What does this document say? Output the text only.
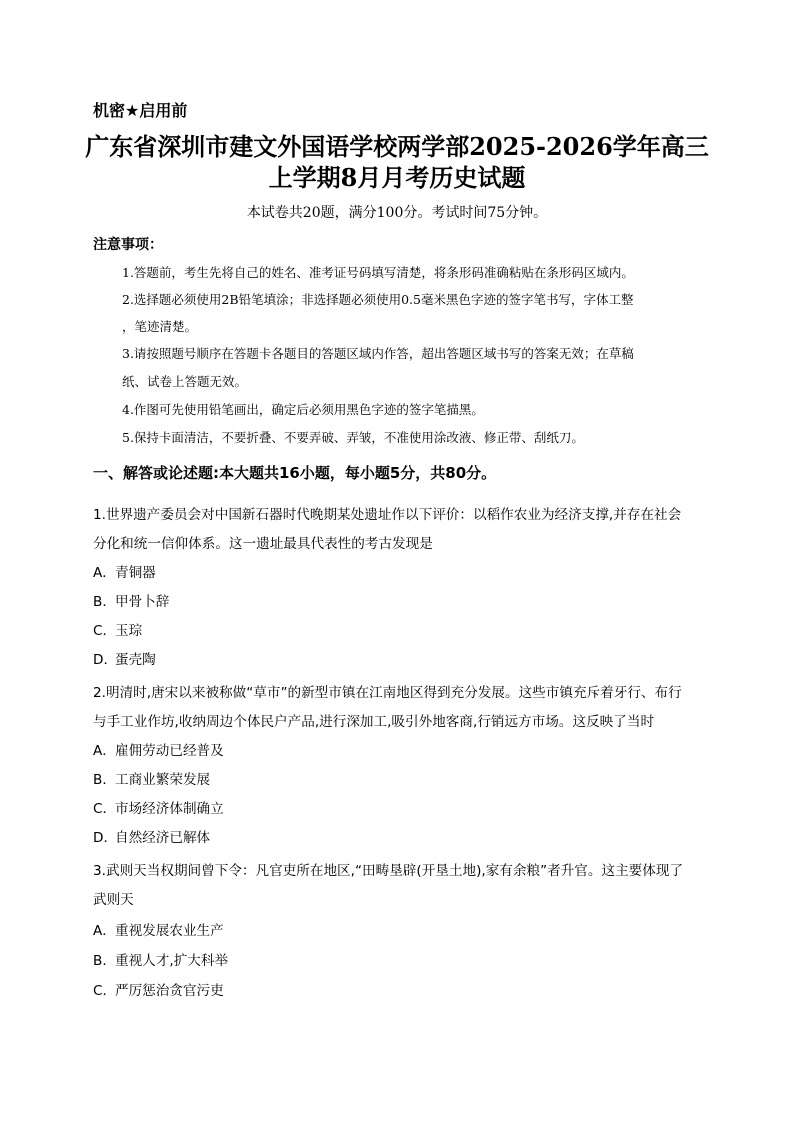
机密★启用前
广东省深圳市建文外国语学校两学部2025-2026学年高三
上学期8月月考历史试题
本试卷共20题，满分100分。考试时间75分钟。
注意事项：
1.答题前，考生先将自己的姓名、准考证号码填写清楚，将条形码准确粘贴在条形码区域内。
2.选择题必须使用2B铅笔填涂；非选择题必须使用0.5毫米黑色字迹的签字笔书写，字体工整
，笔迹清楚。
3.请按照题号顺序在答题卡各题目的答题区域内作答，超出答题区域书写的答案无效；在草稿
纸、试卷上答题无效。
4.作图可先使用铅笔画出，确定后必须用黑色字迹的签字笔描黑。
5.保持卡面清洁，不要折叠、不要弄破、弄皱，不准使用涂改液、修正带、刮纸刀。
一、解答或论述题:本大题共16小题，每小题5分，共80分。
1.世界遗产委员会对中国新石器时代晚期某处遗址作以下评价：以稻作农业为经济支撑,并存在社会
分化和统一信仰体系。这一遗址最具代表性的考古发现是
A．青铜器
B．甲骨卜辞
C．玉琮
D．蛋壳陶
2.明清时,唐宋以来被称做“草市”的新型市镇在江南地区得到充分发展。这些市镇充斥着牙行、布行
与手工业作坊,收纳周边个体民户产品,进行深加工,吸引外地客商,行销远方市场。这反映了当时
A．雇佣劳动已经普及
B．工商业繁荣发展
C．市场经济体制确立
D．自然经济已解体
3.武则天当权期间曾下令：凡官吏所在地区,“田畴垦辟(开垦土地),家有余粮”者升官。这主要体现了
武则天
A．重视发展农业生产
B．重视人才,扩大科举
C．严厉惩治贪官污吏
